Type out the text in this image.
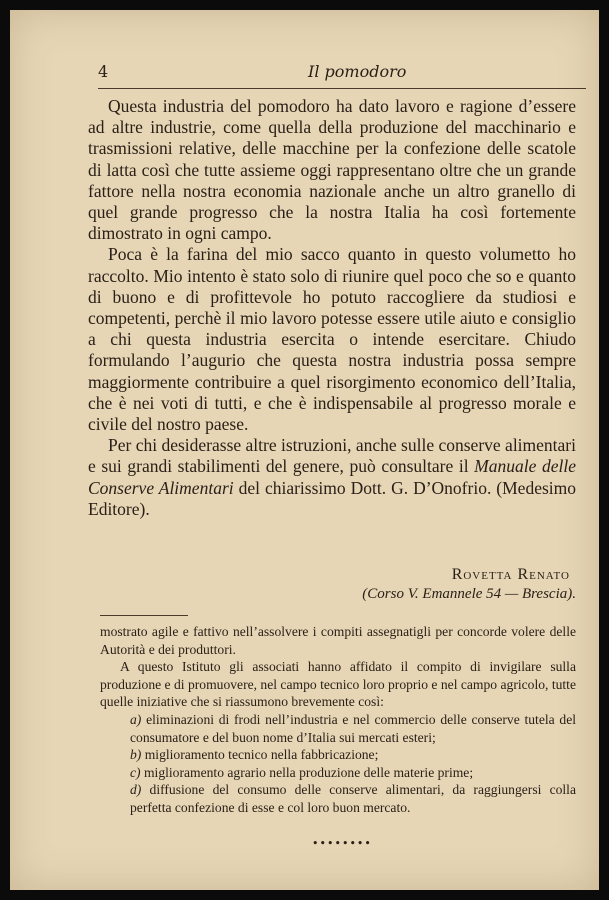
4	Il pomodoro

Questa industria del pomodoro ha dato lavoro e ragione d’essere ad altre industrie, come quella della produzione del macchinario e trasmissioni relative, delle macchine per la confezione delle scatole di latta così che tutte assieme oggi rappresentano oltre che un grande fattore nella nostra economia nazionale anche un altro granello di quel grande progresso che la nostra Italia ha così fortemente dimostrato in ogni campo.

Poca è la farina del mio sacco quanto in questo volumetto ho raccolto. Mio intento è stato solo di riunire quel poco che so e quanto di buono e di profittevole ho potuto raccogliere da studiosi e competenti, perchè il mio lavoro potesse essere utile aiuto e consiglio a chi questa industria esercita o intende esercitare. Chiudo formulando l’augurio che questa nostra industria possa sempre maggiormente contribuire a quel risorgimento economico dell’Italia, che è nei voti di tutti, e che è indispensabile al progresso morale e civile del nostro paese.

Per chi desiderasse altre istruzioni, anche sulle conserve alimentari e sui grandi stabilimenti del genere, può consultare il Manuale delle Conserve Alimentari del chiarissimo Dott. G. D’Onofrio. (Medesimo Editore).

Rovetta Renato
(Corso V. Emannele 54 — Brescia).

mostrato agile e fattivo nell’assolvere i compiti assegnatigli per concorde volere delle Autorità e dei produttori.

A questo Istituto gli associati hanno affidato il compito di invigilare sulla produzione e di promuovere, nel campo tecnico loro proprio e nel campo agricolo, tutte quelle iniziative che si riassumono brevemente così:

a) eliminazioni di frodi nell’industria e nel commercio delle conserve tutela del consumatore e del buon nome d’Italia sui mercati esteri;

b) miglioramento tecnico nella fabbricazione;

c) miglioramento agrario nella produzione delle materie prime;

d) diffusione del consumo delle conserve alimentari, da raggiungersi colla perfetta confezione di esse e col loro buon mercato.

••••••••
